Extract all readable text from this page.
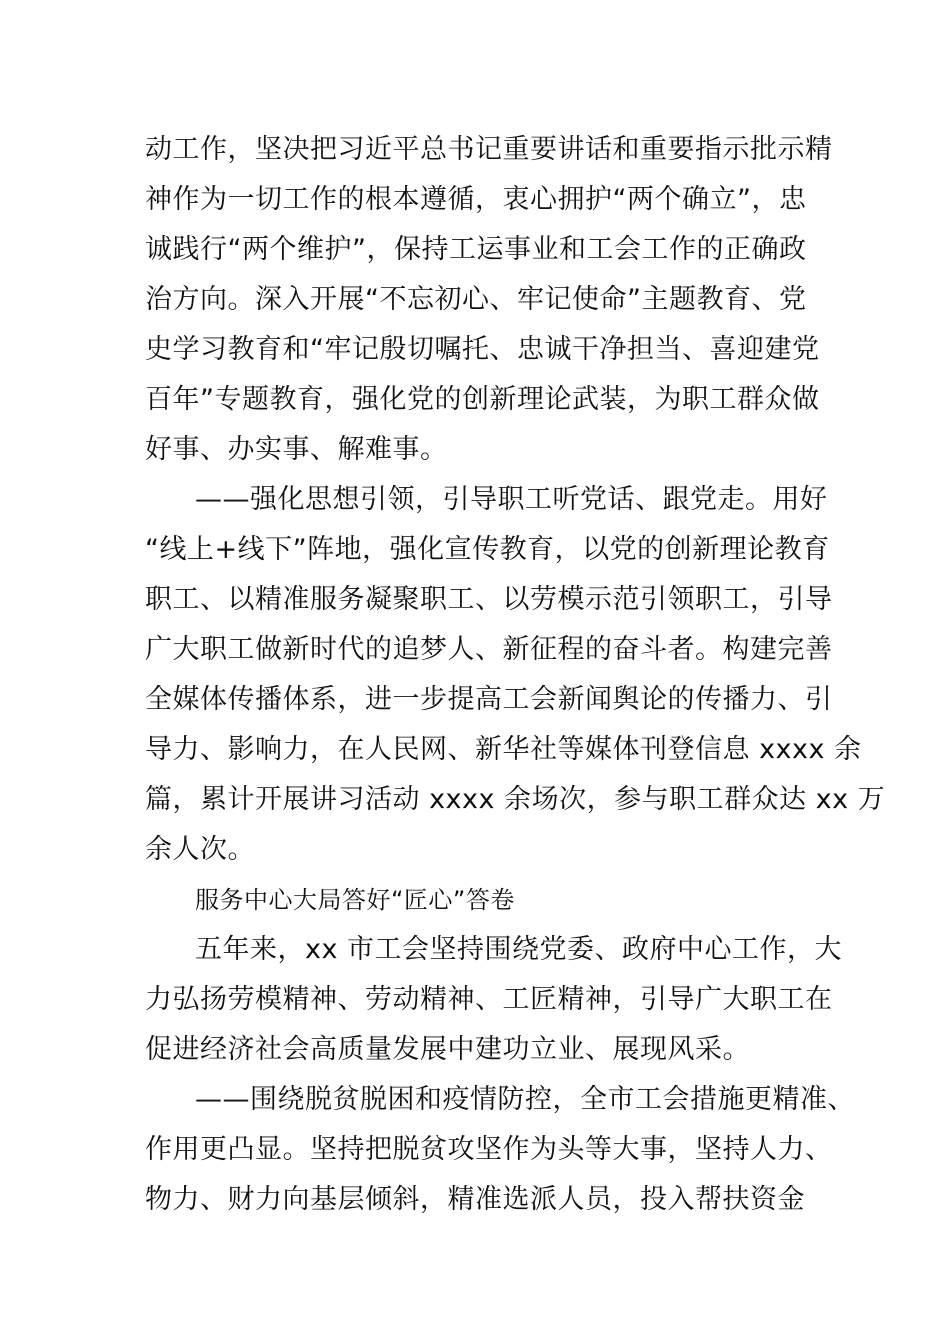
动工作，坚决把习近平总书记重要讲话和重要指示批示精
神作为一切工作的根本遵循，衷心拥护“两个确立”，忠
诚践行“两个维护”，保持工运事业和工会工作的正确政
治方向。深入开展“不忘初心、牢记使命”主题教育、党
史学习教育和“牢记殷切嘱托、忠诚干净担当、喜迎建党
百年”专题教育，强化党的创新理论武装，为职工群众做
好事、办实事、解难事。
——强化思想引领，引导职工听党话、跟党走。用好
“线上+线下”阵地，强化宣传教育，以党的创新理论教育
职工、以精准服务凝聚职工、以劳模示范引领职工，引导
广大职工做新时代的追梦人、新征程的奋斗者。构建完善
全媒体传播体系，进一步提高工会新闻舆论的传播力、引
导力、影响力，在人民网、新华社等媒体刊登信息 xxxx 余
篇，累计开展讲习活动 xxxx 余场次，参与职工群众达 xx 万
余人次。
服务中心大局答好“匠心”答卷
五年来，xx 市工会坚持围绕党委、政府中心工作，大
力弘扬劳模精神、劳动精神、工匠精神，引导广大职工在
促进经济社会高质量发展中建功立业、展现风采。
——围绕脱贫脱困和疫情防控，全市工会措施更精准、
作用更凸显。坚持把脱贫攻坚作为头等大事，坚持人力、
物力、财力向基层倾斜，精准选派人员，投入帮扶资金
